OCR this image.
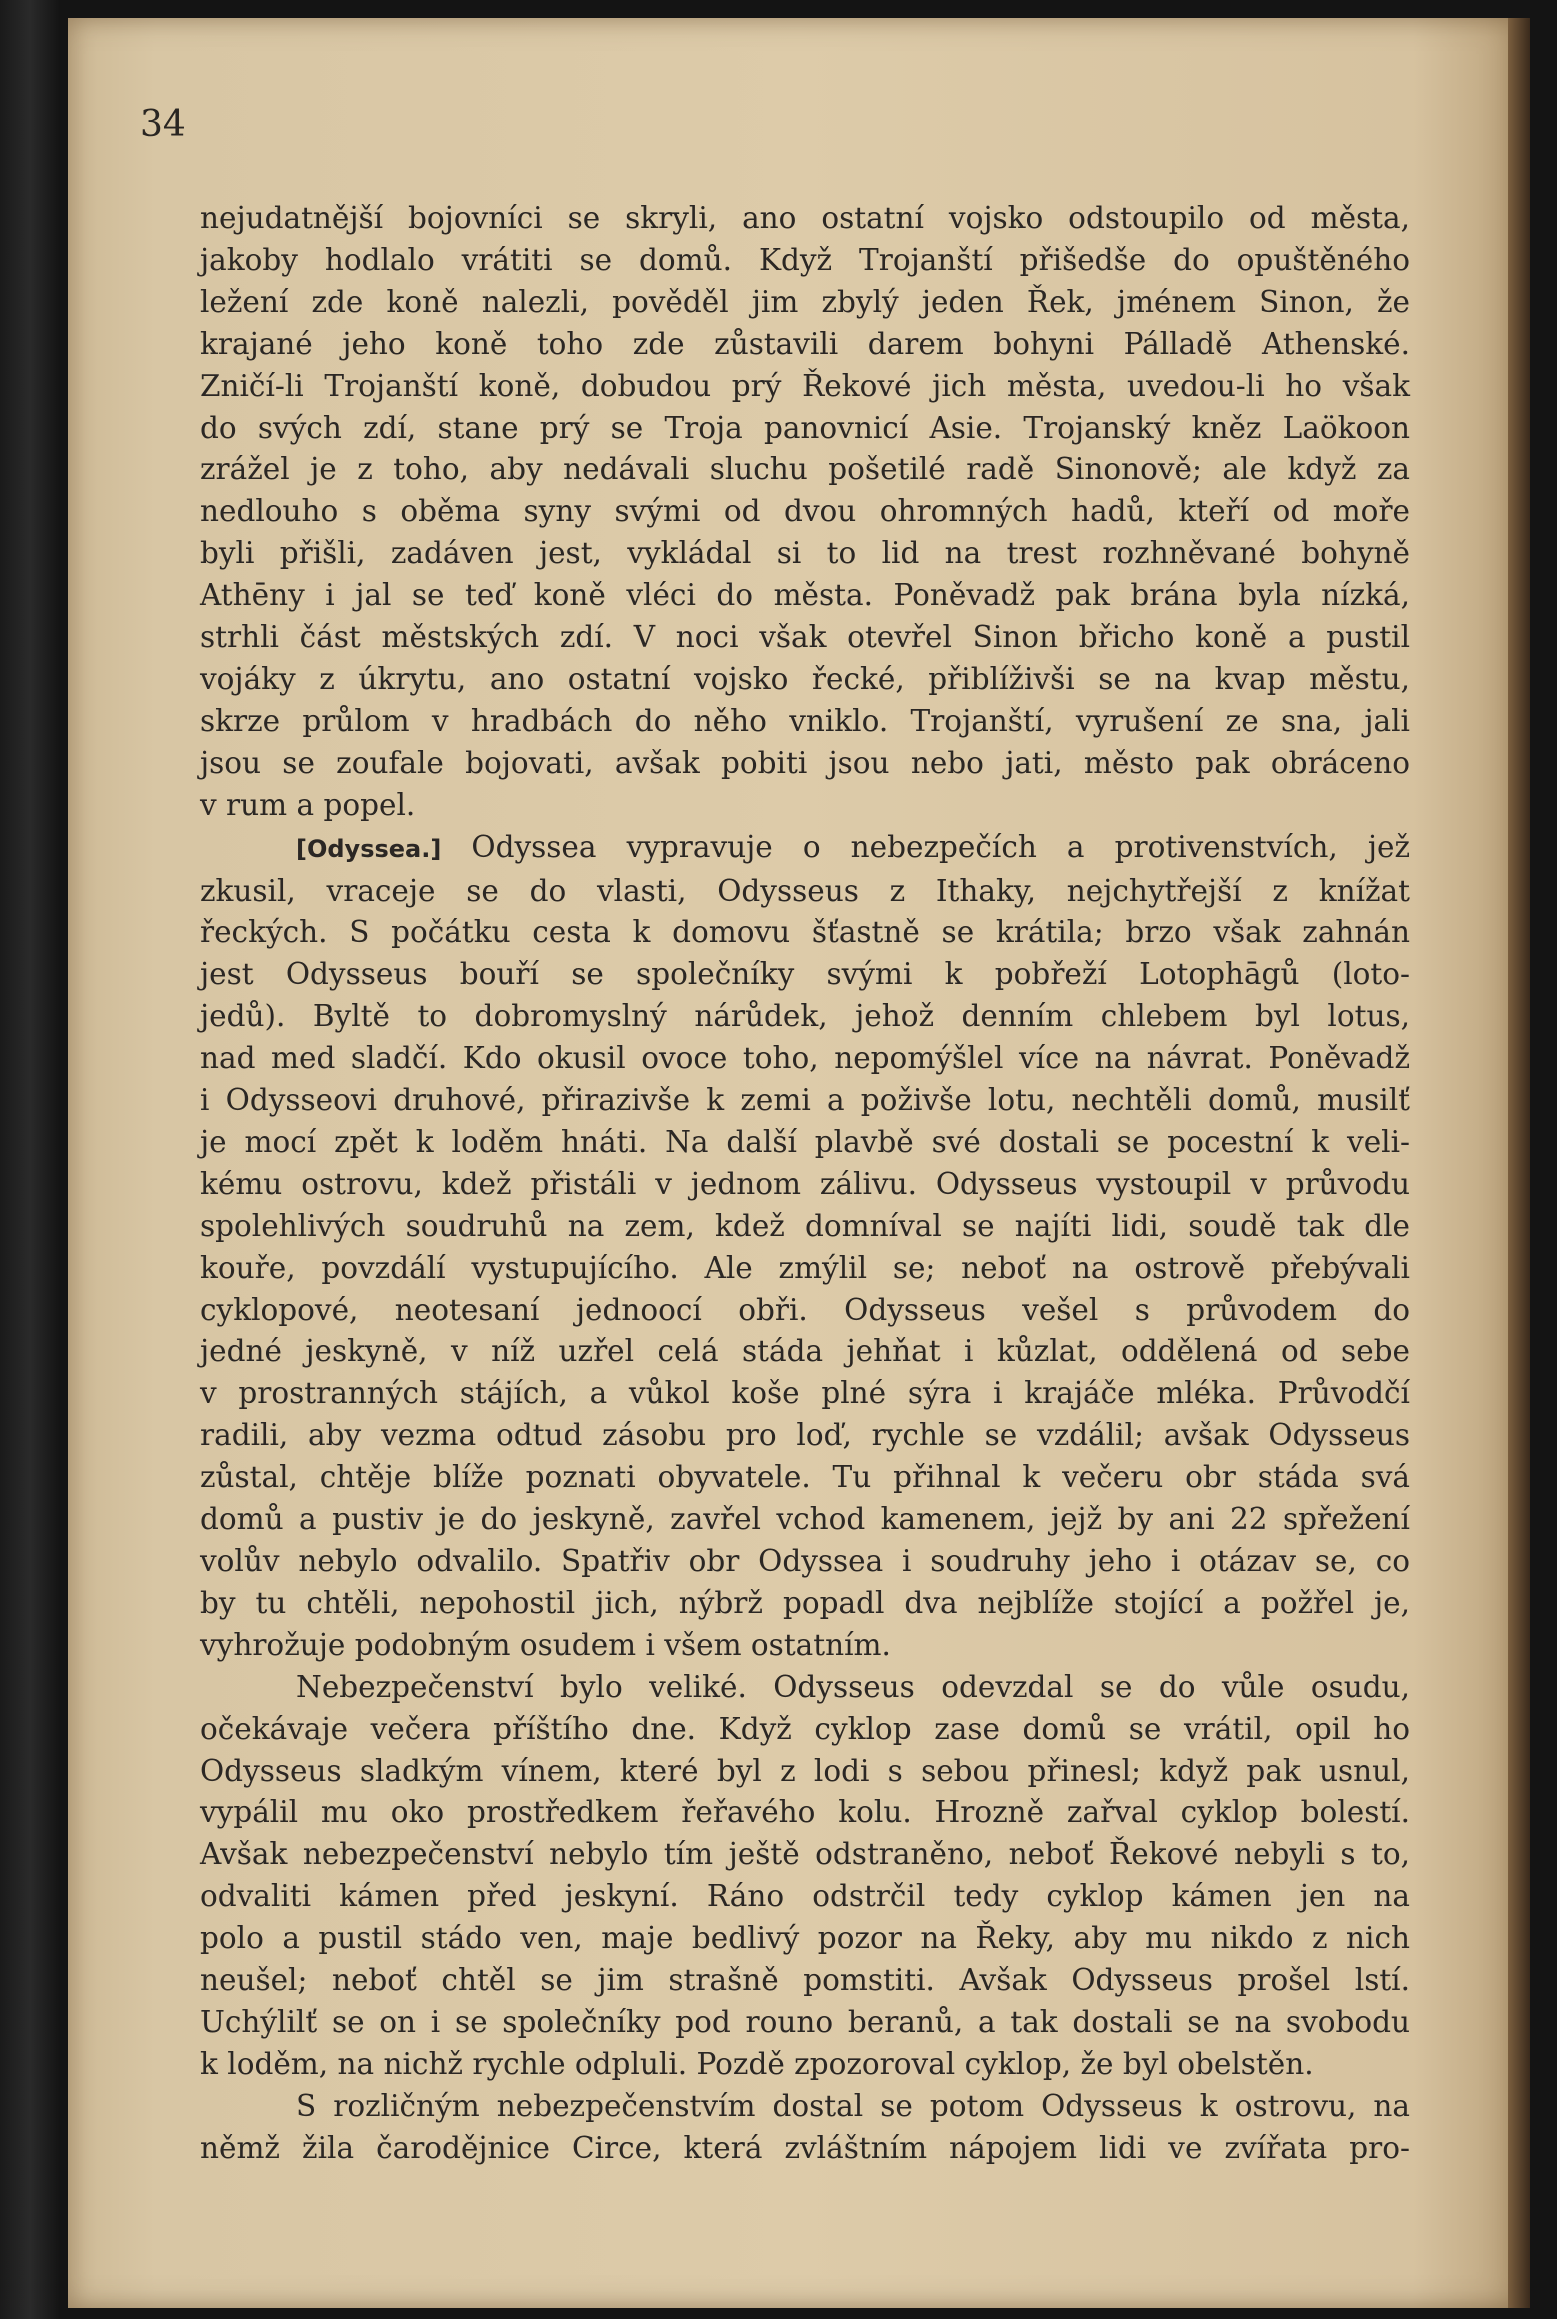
34
nejudatnější bojovníci se skryli, ano ostatní vojsko odstoupilo od města,
jakoby hodlalo vrátiti se domů. Když Trojanští přišedše do opuštěného
ležení zde koně nalezli, pověděl jim zbylý jeden Řek, jménem Sinon, že
krajané jeho koně toho zde zůstavili darem bohyni Pálladě Athenské.
Zničí-li Trojanští koně, dobudou prý Řekové jich města, uvedou-li ho však
do svých zdí, stane prý se Troja panovnicí Asie. Trojanský kněz Laökoon
zrážel je z toho, aby nedávali sluchu pošetilé radě Sinonově; ale když za
nedlouho s oběma syny svými od dvou ohromných hadů, kteří od moře
byli přišli, zadáven jest, vykládal si to lid na trest rozhněvané bohyně
Athēny i jal se teď koně vléci do města. Poněvadž pak brána byla nízká,
strhli část městských zdí. V noci však otevřel Sinon břicho koně a pustil
vojáky z úkrytu, ano ostatní vojsko řecké, přiblíživši se na kvap městu,
skrze průlom v hradbách do něho vniklo. Trojanští, vyrušení ze sna, jali
jsou se zoufale bojovati, avšak pobiti jsou nebo jati, město pak obráceno
v rum a popel.
[Odyssea.] Odyssea vypravuje o nebezpečích a protivenstvích, jež
zkusil, vraceje se do vlasti, Odysseus z Ithaky, nejchytřejší z knížat
řeckých. S počátku cesta k domovu šťastně se krátila; brzo však zahnán
jest Odysseus bouří se společníky svými k pobřeží Lotophāgů (loto-
jedů). Byltě to dobromyslný nárůdek, jehož denním chlebem byl lotus,
nad med sladčí. Kdo okusil ovoce toho, nepomýšlel více na návrat. Poněvadž
i Odysseovi druhové, přirazivše k zemi a poživše lotu, nechtěli domů, musilť
je mocí zpět k loděm hnáti. Na další plavbě své dostali se pocestní k veli-
kému ostrovu, kdež přistáli v jednom zálivu. Odysseus vystoupil v průvodu
spolehlivých soudruhů na zem, kdež domníval se najíti lidi, soudě tak dle
kouře, povzdálí vystupujícího. Ale zmýlil se; neboť na ostrově přebývali
cyklopové, neotesaní jednoocí obři. Odysseus vešel s průvodem do
jedné jeskyně, v níž uzřel celá stáda jehňat i kůzlat, oddělená od sebe
v prostranných stájích, a vůkol koše plné sýra i krajáče mléka. Průvodčí
radili, aby vezma odtud zásobu pro loď, rychle se vzdálil; avšak Odysseus
zůstal, chtěje blíže poznati obyvatele. Tu přihnal k večeru obr stáda svá
domů a pustiv je do jeskyně, zavřel vchod kamenem, jejž by ani 22 spřežení
volův nebylo odvalilo. Spatřiv obr Odyssea i soudruhy jeho i otázav se, co
by tu chtěli, nepohostil jich, nýbrž popadl dva nejblíže stojící a požřel je,
vyhrožuje podobným osudem i všem ostatním.
Nebezpečenství bylo veliké. Odysseus odevzdal se do vůle osudu,
očekávaje večera příštího dne. Když cyklop zase domů se vrátil, opil ho
Odysseus sladkým vínem, které byl z lodi s sebou přinesl; když pak usnul,
vypálil mu oko prostředkem řeřavého kolu. Hrozně zařval cyklop bolestí.
Avšak nebezpečenství nebylo tím ještě odstraněno, neboť Řekové nebyli s to,
odvaliti kámen před jeskyní. Ráno odstrčil tedy cyklop kámen jen na
polo a pustil stádo ven, maje bedlivý pozor na Řeky, aby mu nikdo z nich
neušel; neboť chtěl se jim strašně pomstiti. Avšak Odysseus prošel lstí.
Uchýlilť se on i se společníky pod rouno beranů, a tak dostali se na svobodu
k loděm, na nichž rychle odpluli. Pozdě zpozoroval cyklop, že byl obelstěn.
S rozličným nebezpečenstvím dostal se potom Odysseus k ostrovu, na
němž žila čarodějnice Circe, která zvláštním nápojem lidi ve zvířata pro-
